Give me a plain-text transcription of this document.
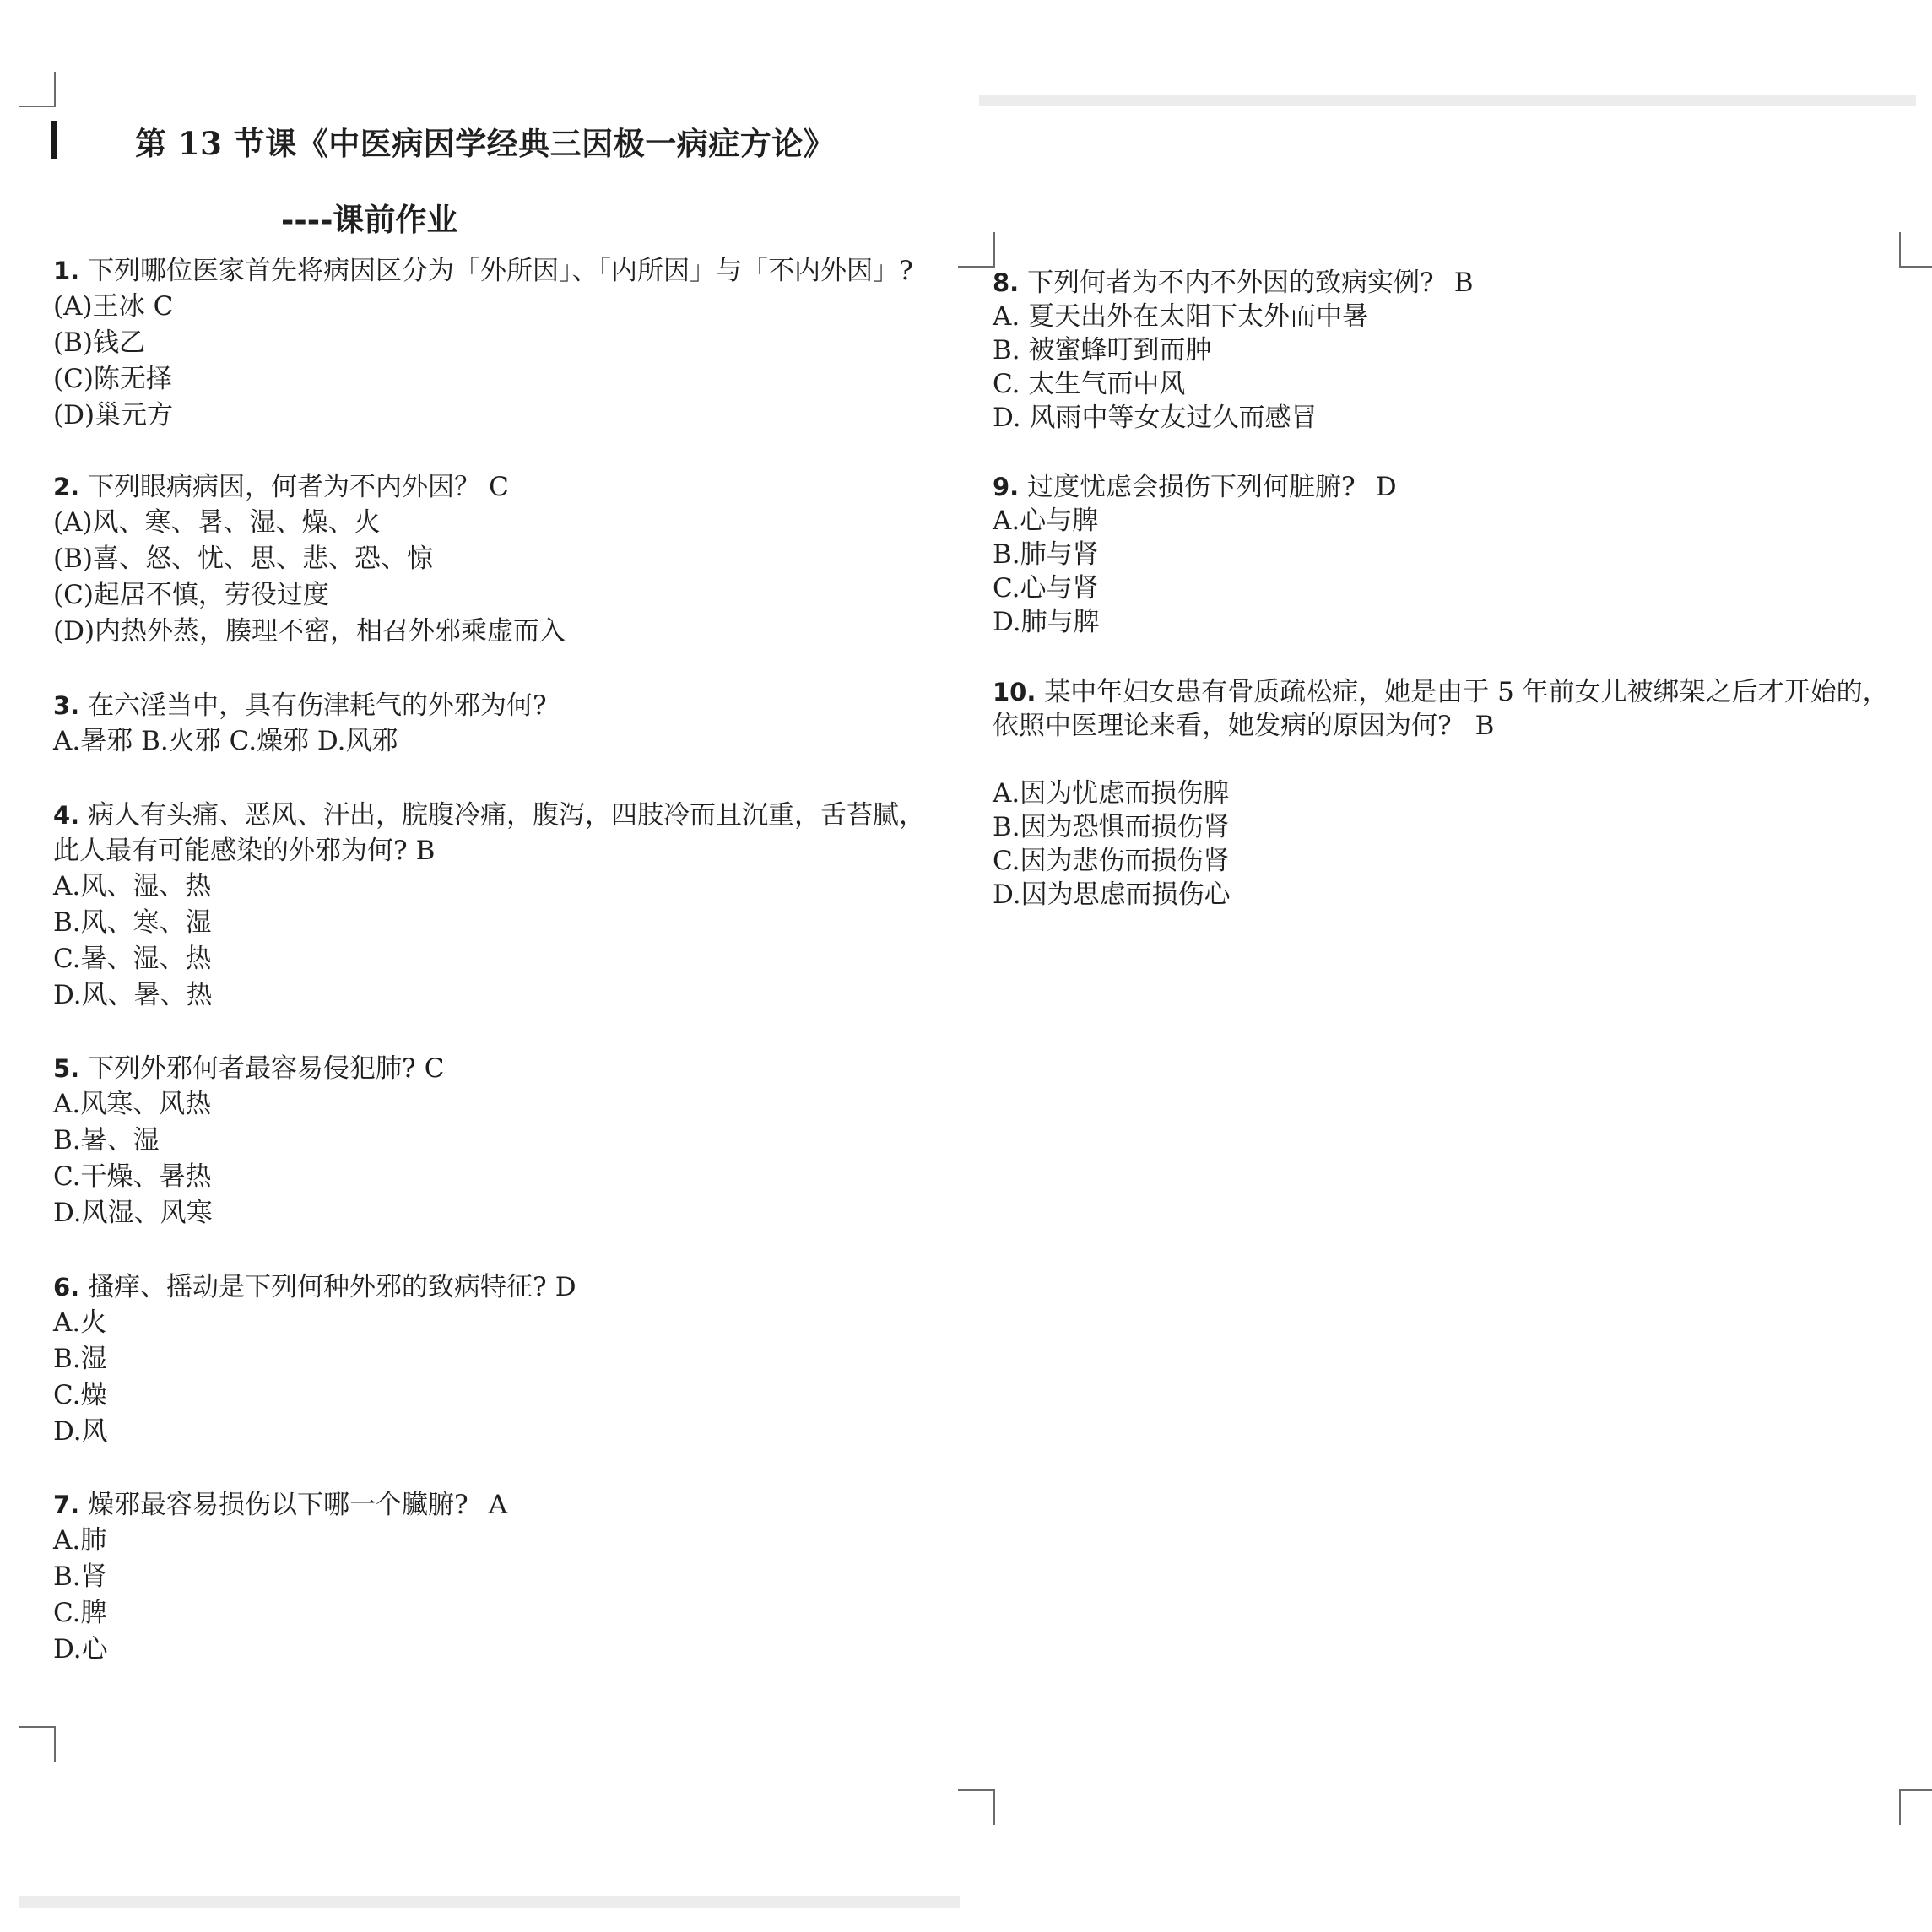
第 13 节课《中医病因学经典三因极一病症方论》
----课前作业
1. 下列哪位医家首先将病因区分为「外所因」、「内所因」与「不内外因」?
(A)王冰 C
(B)钱乙
(C)陈无择
(D)巢元方
2. 下列眼病病因，何者为不内外因？ C
(A)风、寒、暑、湿、燥、火
(B)喜、怒、忧、思、悲、恐、惊
(C)起居不慎，劳役过度
(D)内热外蒸，腠理不密，相召外邪乘虚而入
3. 在六淫当中，具有伤津耗气的外邪为何?
A.暑邪 B.火邪 C.燥邪 D.风邪
4. 病人有头痛、恶风、汗出，脘腹冷痛，腹泻，四肢冷而且沉重，舌苔腻，
此人最有可能感染的外邪为何? B
A.风、湿、热
B.风、寒、湿
C.暑、湿、热
D.风、暑、热
5. 下列外邪何者最容易侵犯肺? C
A.风寒、风热
B.暑、湿
C.干燥、暑热
D.风湿、风寒
6. 搔痒、摇动是下列何种外邪的致病特征? D
A.火
B.湿
C.燥
D.风
7. 燥邪最容易损伤以下哪一个臟腑? A
A.肺
B.肾
C.脾
D.心
8. 下列何者为不内不外因的致病实例? B
A. 夏天出外在太阳下太外而中暑
B. 被蜜蜂叮到而肿
C. 太生气而中风
D. 风雨中等女友过久而感冒
9. 过度忧虑会损伤下列何脏腑? D
A.心与脾
B.肺与肾
C.心与肾
D.肺与脾
10. 某中年妇女患有骨质疏松症，她是由于 5 年前女儿被绑架之后才开始的，
依照中医理论来看，她发病的原因为何? B
A.因为忧虑而损伤脾
B.因为恐惧而损伤肾
C.因为悲伤而损伤肾
D.因为思虑而损伤心
